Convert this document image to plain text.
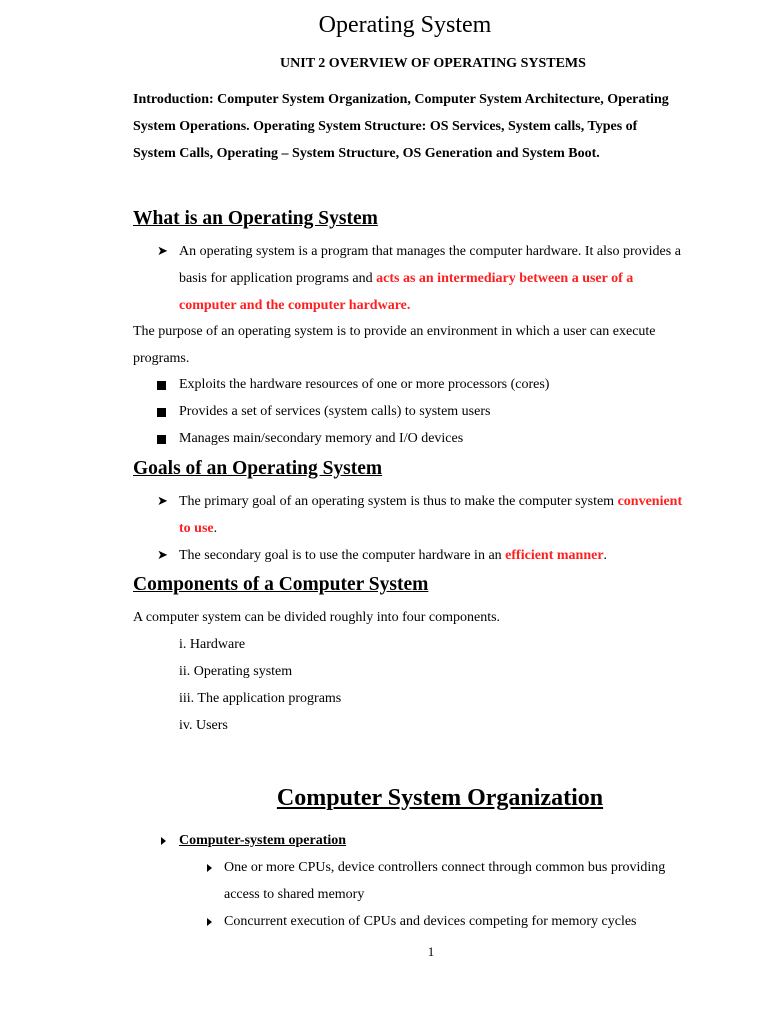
Operating System
UNIT 2 OVERVIEW OF OPERATING SYSTEMS
Introduction: Computer System Organization, Computer System Architecture, Operating
System Operations. Operating System Structure: OS Services, System calls, Types of
System Calls, Operating – System Structure, OS Generation and System Boot.
What is an Operating System
➤ An operating system is a program that manages the computer hardware. It also provides a
basis for application programs and acts as an intermediary between a user of a
computer and the computer hardware.
The purpose of an operating system is to provide an environment in which a user can execute
programs.
Exploits the hardware resources of one or more processors (cores)
Provides a set of services (system calls) to system users
Manages main/secondary memory and I/O devices
Goals of an Operating System
➤ The primary goal of an operating system is thus to make the computer system convenient
to use.
➤ The secondary goal is to use the computer hardware in an efficient manner.
Components of a Computer System
A computer system can be divided roughly into four components.
i. Hardware
ii. Operating system
iii. The application programs
iv. Users
Computer System Organization
Computer-system operation
One or more CPUs, device controllers connect through common bus providing
access to shared memory
Concurrent execution of CPUs and devices competing for memory cycles
1
